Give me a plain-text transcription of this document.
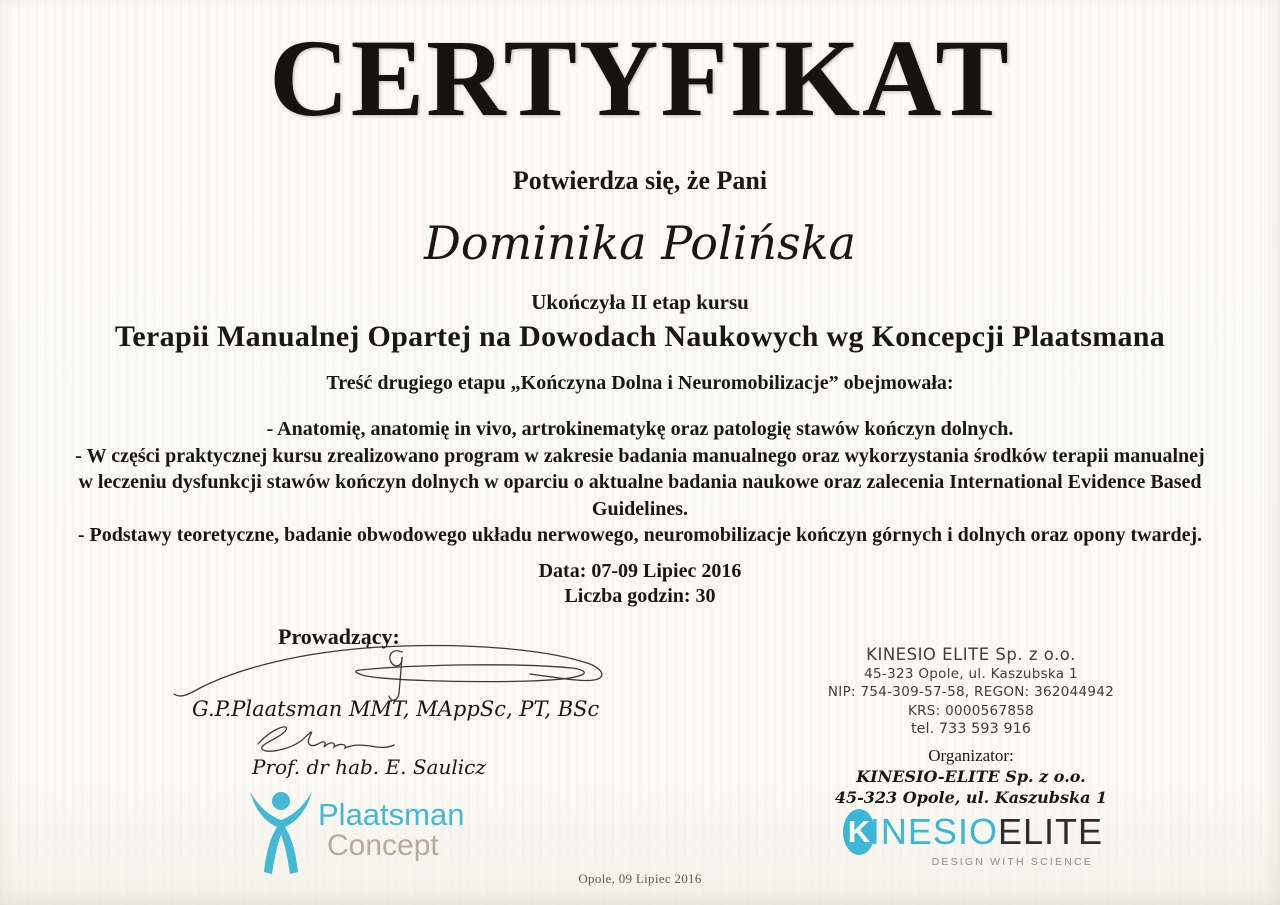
CERTYFIKAT
Potwierdza się, że Pani
Dominika Polińska
Ukończyła II etap kursu
Terapii Manualnej Opartej na Dowodach Naukowych wg Koncepcji Plaatsmana
Treść drugiego etapu „Kończyna Dolna i Neuromobilizacje” obejmowała:
- Anatomię, anatomię in vivo, artrokinematykę oraz patologię stawów kończyn dolnych.
- W części praktycznej kursu zrealizowano program w zakresie badania manualnego oraz wykorzystania środków terapii manualnej
w leczeniu dysfunkcji stawów kończyn dolnych w oparciu o aktualne badania naukowe oraz zalecenia International Evidence Based
Guidelines.
- Podstawy teoretyczne, badanie obwodowego układu nerwowego, neuromobilizacje kończyn górnych i dolnych oraz opony twardej.
Data: 07-09 Lipiec 2016
Liczba godzin: 30
Prowadzący:
G.P.Plaatsman MMT, MAppSc, PT, BSc
Prof. dr hab. E. Saulicz
Plaatsman
Concept
KINESIO ELITE Sp. z o.o.
45-323 Opole, ul. Kaszubska 1
NIP: 754-309-57-58, REGON: 362044942
KRS: 0000567858
tel. 733 593 916
Organizator:
KINESIO-ELITE Sp. z o.o.
45-323 Opole, ul. Kaszubska 1
K INESIO ELITE
DESIGN WITH SCIENCE
Opole, 09 Lipiec 2016
